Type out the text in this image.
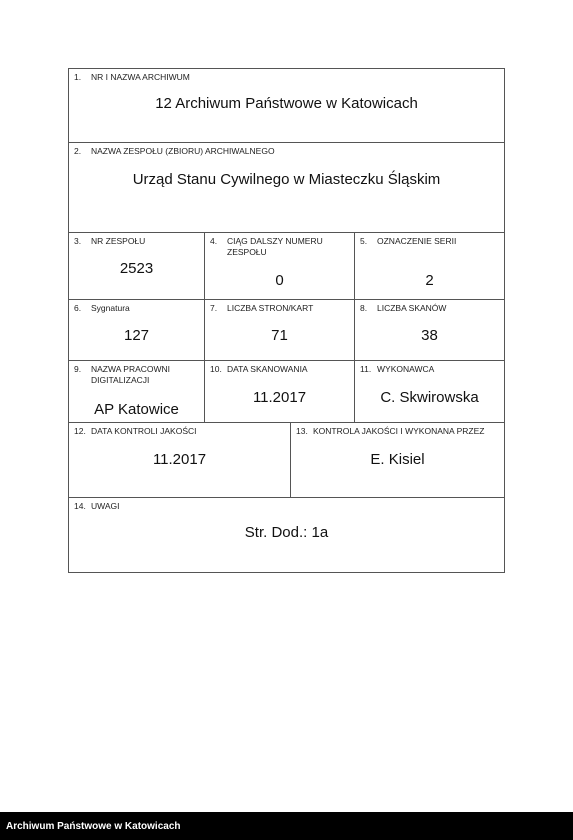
1. NR I NAZWA ARCHIWUM
12 Archiwum Państwowe w Katowicach
2. NAZWA ZESPOŁU (ZBIORU) ARCHIWALNEGO
Urząd Stanu Cywilnego w Miasteczku Śląskim
3. NR ZESPOŁU
2523
4. CIĄG DALSZY NUMERU
ZESPOŁU
0
5. OZNACZENIE SERII
2
6. Sygnatura
127
7. LICZBA STRON/KART
71
8. LICZBA SKANÓW
38
9. NAZWA PRACOWNI
DIGITALIZACJI
AP Katowice
10. DATA SKANOWANIA
11.2017
11. WYKONAWCA
C. Skwirowska
12. DATA KONTROLI JAKOŚCI
11.2017
13. KONTROLA JAKOŚCI I WYKONANA PRZEZ
E. Kisiel
14. UWAGI
Str. Dod.: 1a
Archiwum Państwowe w Katowicach
